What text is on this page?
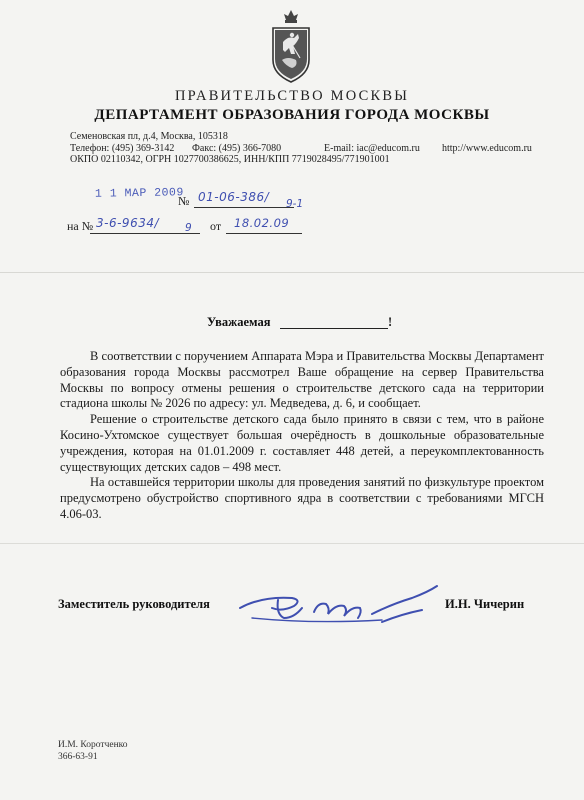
ПРАВИТЕЛЬСТВО МОСКВЫ
ДЕПАРТАМЕНТ ОБРАЗОВАНИЯ ГОРОДА МОСКВЫ
Семеновская пл, д.4, Москва, 105318
Телефон: (495) 369-3142	Факс: (495) 366-7080	E-mail: iac@educom.ru	http://www.educom.ru
ОКПО 02110342, ОГРН 1027700386625, ИНН/КПП 7719028495/771901001
1 1 МАР 2009
№ 01-06-386/ 9-1
на № 3-6-9634/ 9 от 18.02.09
Уважаемая	!

В соответствии с поручением Аппарата Мэра и Правительства Москвы Департамент образования города Москвы рассмотрел Ваше обращение на сервер Правительства Москвы по вопросу отмены решения о строительстве детского сада на территории стадиона школы № 2026 по адресу: ул. Медведева, д. 6, и сообщает.

Решение о строительстве детского сада было принято в связи с тем, что в районе Косино-Ухтомское существует большая очерёдность в дошкольные образовательные учреждения, которая на 01.01.2009 г. составляет 448 детей, а переукомплектованность существующих детских садов – 498 мест.

На оставшейся территории школы для проведения занятий по физкультуре проектом предусмотрено обустройство спортивного ядра в соответствии с требованиями МГСН 4.06-03.

Заместитель руководителя	И.Н. Чичерин
И.М. Коротченко
366-63-91
